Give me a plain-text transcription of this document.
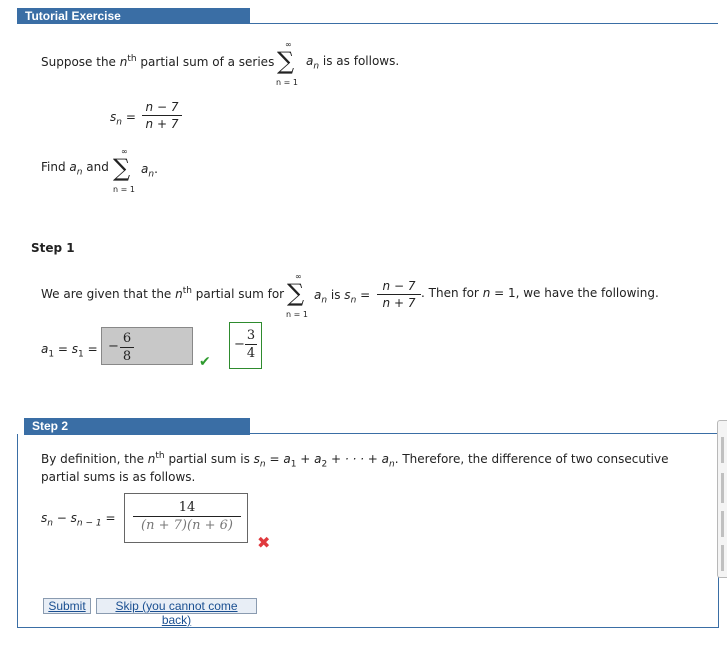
Tutorial Exercise
Suppose the $n^{th}$ partial sum of a series
∞
∑
n = 1
$a_n$ is as follows.
$s_n$ =
n − 7
n + 7
Find $a_n$ and
∞
∑
n = 1
$a_n$.
Step 1
We are given that the $n^{th}$ partial sum for
∞
∑
n = 1
$a_n$ is $s_n$ =
n − 7
n + 7
. Then for n = 1, we have the following.
$a_1 = s_1$ = −
6
8	✔
−
3
4
Step 2
By definition, the $n^{th}$ partial sum is $s_n = a_1 + a_2$ + · · · + $a_n$. Therefore, the difference of two consecutive
partial sums is as follows.
$s_n - s_{n - 1}$ =
14
(n + 7)(n + 6)
✖
Submit	Skip (you cannot come back)
